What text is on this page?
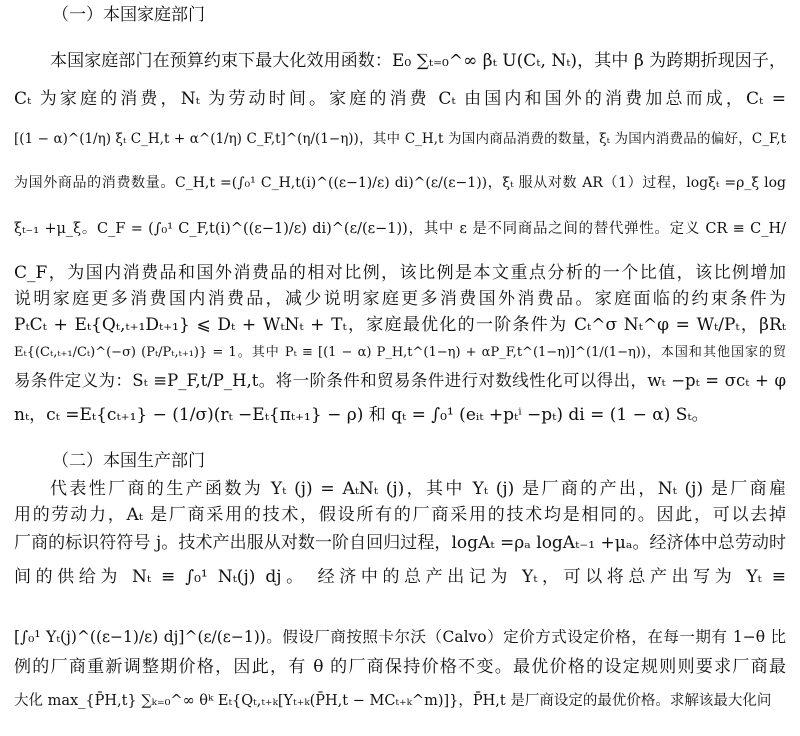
（一）本国家庭部门
本国家庭部门在预算约束下最大化效用函数：E₀ ∑ₜ₌₀^∞ βₜ U(Cₜ, Nₜ)，其中 β 为跨期折现因子，
Cₜ 为家庭的消费，Nₜ 为劳动时间。家庭的消费 Cₜ 由国内和国外的消费加总而成，Cₜ =
[(1 − α)^(1/η) ξₜ C_H,t + α^(1/η) C_F,t]^(η/(1−η))，其中 C_H,t 为国内商品消费的数量，ξₜ 为国内消费品的偏好，C_F,t
为国外商品的消费数量。C_H,t =(∫₀¹ C_H,t(i)^((ε−1)/ε) di)^(ε/(ε−1))，ξₜ 服从对数 AR（1）过程，logξₜ =ρ_ξ log
ξₜ₋₁ +μ_ξ。C_F = (∫₀¹ C_F,t(i)^((ε−1)/ε) di)^(ε/(ε−1))，其中 ε 是不同商品之间的替代弹性。定义 CR ≡ C_H/
C_F，为国内消费品和国外消费品的相对比例，该比例是本文重点分析的一个比值，该比例增加
说明家庭更多消费国内消费品，减少说明家庭更多消费国外消费品。家庭面临的约束条件为
PₜCₜ + Eₜ{Qₜ,ₜ₊₁Dₜ₊₁} ⩽ Dₜ + WₜNₜ + Tₜ，家庭最优化的一阶条件为 Cₜ^σ Nₜ^φ = Wₜ/Pₜ，βRₜ
Eₜ{(Cₜ,ₜ₊₁/Cₜ)^(−σ) (Pₜ/Pₜ,ₜ₊₁)} = 1。其中 Pₜ ≡ [(1 − α) P_H,t^(1−η) + αP_F,t^(1−η)]^(1/(1−η))，本国和其他国家的贸
易条件定义为：Sₜ ≡P_F,t/P_H,t。将一阶条件和贸易条件进行对数线性化可以得出，wₜ −pₜ = σcₜ + φ
nₜ，cₜ =Eₜ{cₜ₊₁} − (1/σ)(rₜ −Eₜ{πₜ₊₁} − ρ) 和 qₜ = ∫₀¹ (eᵢₜ +pₜⁱ −pₜ) di = (1 − α) Sₜ。
（二）本国生产部门
代表性厂商的生产函数为 Yₜ (j) = AₜNₜ (j)，其中 Yₜ (j) 是厂商的产出，Nₜ (j) 是厂商雇
用的劳动力，Aₜ 是厂商采用的技术，假设所有的厂商采用的技术均是相同的。因此，可以去掉
厂商的标识符符号 j。技术产出服从对数一阶自回归过程，logAₜ =ρₐ logAₜ₋₁ +μₐ。经济体中总劳动时
间的供给为 Nₜ ≡ ∫₀¹ Nₜ(j) dj。 经济中的总产出记为 Yₜ，可以将总产出写为 Yₜ ≡
[∫₀¹ Yₜ(j)^((ε−1)/ε) dj]^(ε/(ε−1))。假设厂商按照卡尔沃（Calvo）定价方式设定价格，在每一期有 1−θ 比
例的厂商重新调整期价格，因此，有 θ 的厂商保持价格不变。最优价格的设定规则则要求厂商最
大化 max_{P̄H,t} ∑ₖ₌₀^∞ θᵏ Eₜ{Qₜ,ₜ₊ₖ[Yₜ₊ₖ(P̄H,t − MCₜ₊ₖ^m)]}，P̄H,t 是厂商设定的最优价格。求解该最大化问
